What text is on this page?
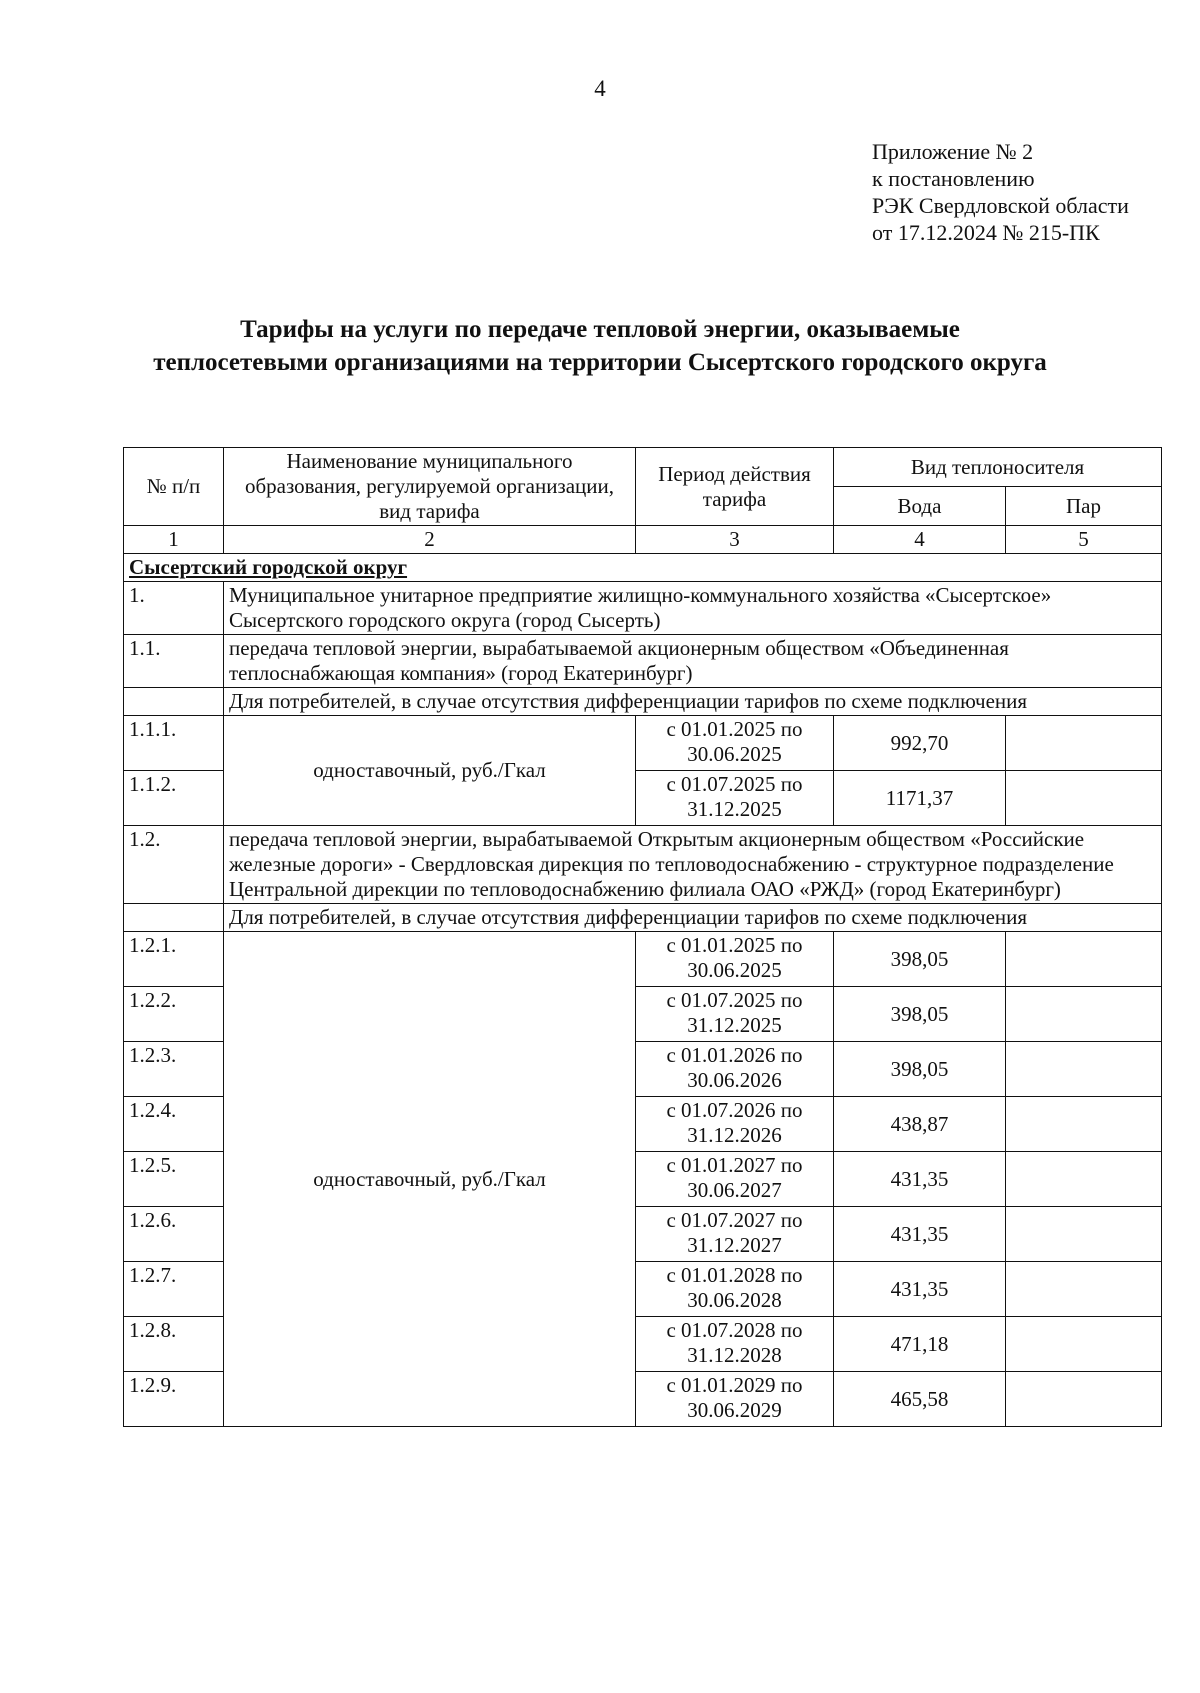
4
Приложение № 2
к постановлению
РЭК Свердловской области
от 17.12.2024 № 215-ПК
Тарифы на услуги по передаче тепловой энергии, оказываемые
теплосетевыми организациями на территории Сысертского городского округа
№ п/п	Наименование муниципального образования, регулируемой организации, вид тарифа	Период действия тарифа	Вид теплоносителя	
			Вода	Пар
1	2	3	4	5
Сысертский городской округ				
1.	Муниципальное унитарное предприятие жилищно-коммунального хозяйства «Сысертское» Сысертского городского округа (город Сысерть)			
1.1.	передача тепловой энергии, вырабатываемой акционерным обществом «Объединенная теплоснабжающая компания» (город Екатеринбург)			
	Для потребителей, в случае отсутствия дифференциации тарифов по схеме подключения			
1.1.1.	одноставочный, руб./Гкал	с 01.01.2025 по 30.06.2025	992,70	
1.1.2.		с 01.07.2025 по 31.12.2025	1171,37	
1.2.	передача тепловой энергии, вырабатываемой Открытым акционерным обществом «Российские железные дороги» - Свердловская дирекция по тепловодоснабжению - структурное подразделение Центральной дирекции по тепловодоснабжению филиала ОАО «РЖД» (город Екатеринбург)			
	Для потребителей, в случае отсутствия дифференциации тарифов по схеме подключения			
1.2.1.	одноставочный, руб./Гкал	с 01.01.2025 по 30.06.2025	398,05	
1.2.2.		с 01.07.2025 по 31.12.2025	398,05	
1.2.3.		с 01.01.2026 по 30.06.2026	398,05	
1.2.4.		с 01.07.2026 по 31.12.2026	438,87	
1.2.5.		с 01.01.2027 по 30.06.2027	431,35	
1.2.6.		с 01.07.2027 по 31.12.2027	431,35	
1.2.7.		с 01.01.2028 по 30.06.2028	431,35	
1.2.8.		с 01.07.2028 по 31.12.2028	471,18	
1.2.9.		с 01.01.2029 по 30.06.2029	465,58	
